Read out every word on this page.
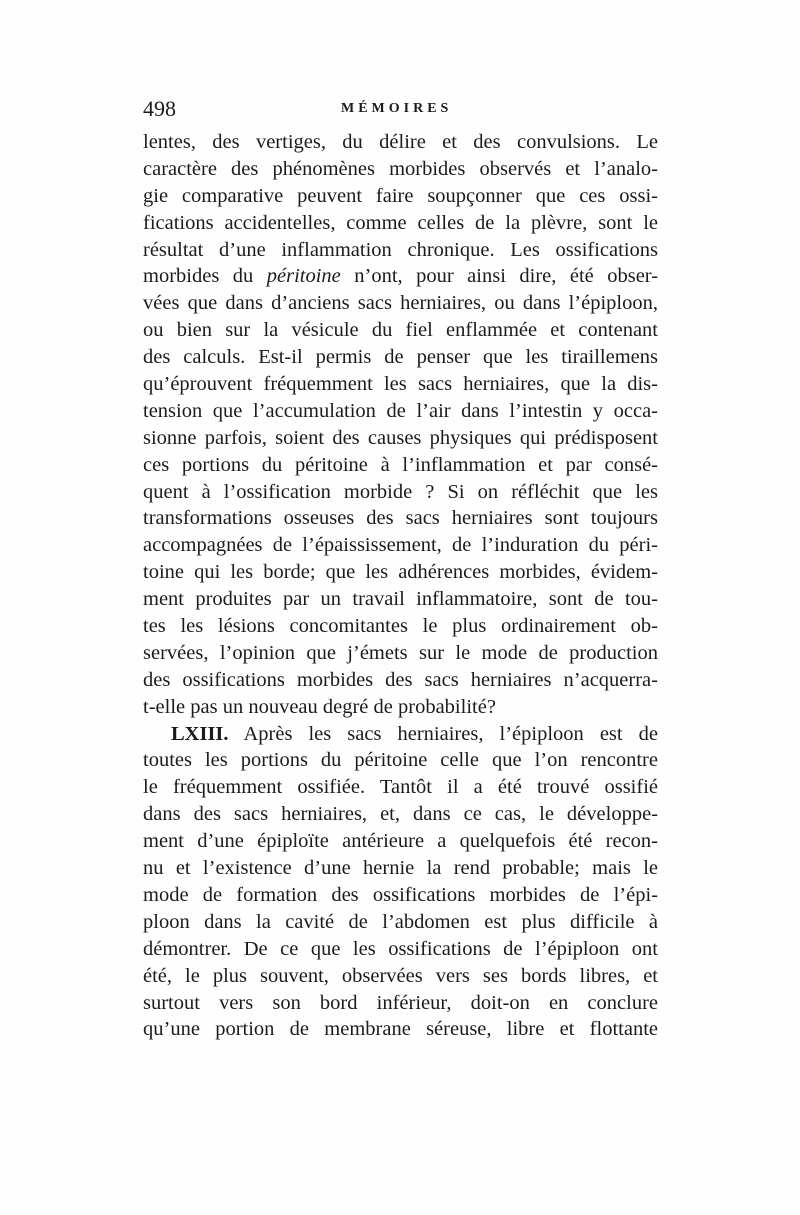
498	MÉMOIRES
lentes, des vertiges, du délire et des convulsions. Le
caractère des phénomènes morbides observés et l’analo-
gie comparative peuvent faire soupçonner que ces ossi-
fications accidentelles, comme celles de la plèvre, sont le
résultat d’une inflammation chronique. Les ossifications
morbides du péritoine n’ont, pour ainsi dire, été obser-
vées que dans d’anciens sacs herniaires, ou dans l’épiploon,
ou bien sur la vésicule du fiel enflammée et contenant
des calculs. Est-il permis de penser que les tiraillemens
qu’éprouvent fréquemment les sacs herniaires, que la dis-
tension que l’accumulation de l’air dans l’intestin y occa-
sionne parfois, soient des causes physiques qui prédisposent
ces portions du péritoine à l’inflammation et par consé-
quent à l’ossification morbide ? Si on réfléchit que les
transformations osseuses des sacs herniaires sont toujours
accompagnées de l’épaississement, de l’induration du péri-
toine qui les borde; que les adhérences morbides, évidem-
ment produites par un travail inflammatoire, sont de tou-
tes les lésions concomitantes le plus ordinairement ob-
servées, l’opinion que j’émets sur le mode de production
des ossifications morbides des sacs herniaires n’acquerra-
t-elle pas un nouveau degré de probabilité?
LXIII. Après les sacs herniaires, l’épiploon est de
toutes les portions du péritoine celle que l’on rencontre
le fréquemment ossifiée. Tantôt il a été trouvé ossifié
dans des sacs herniaires, et, dans ce cas, le développe-
ment d’une épiploïte antérieure a quelquefois été recon-
nu et l’existence d’une hernie la rend probable; mais le
mode de formation des ossifications morbides de l’épi-
ploon dans la cavité de l’abdomen est plus difficile à
démontrer. De ce que les ossifications de l’épiploon ont
été, le plus souvent, observées vers ses bords libres, et
surtout vers son bord inférieur, doit-on en conclure
qu’une portion de membrane séreuse, libre et flottante
